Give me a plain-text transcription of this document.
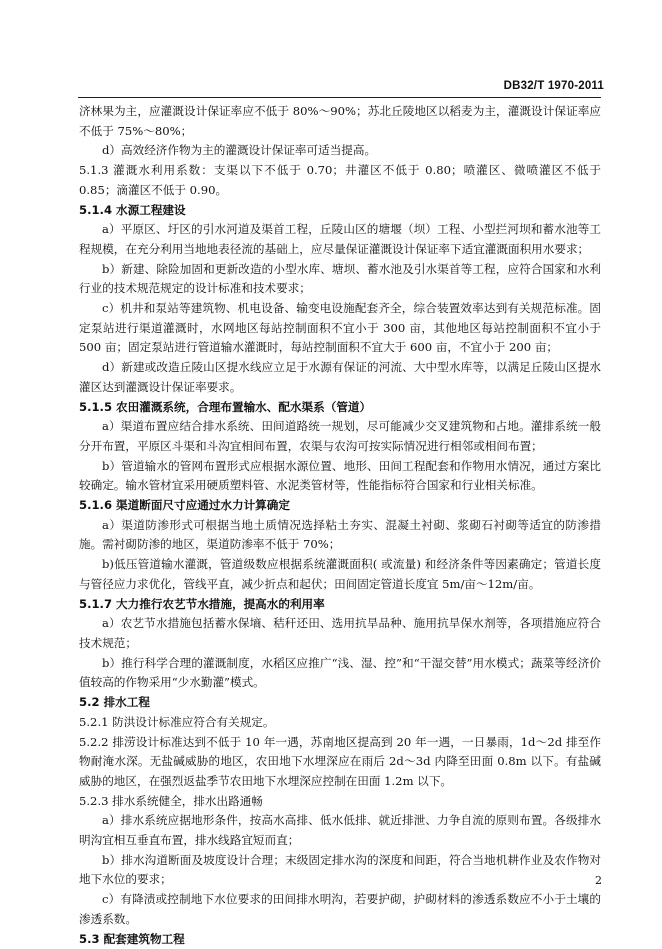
DB32/T 1970-2011

济林果为主，应灌溉设计保证率应不低于 80%～90%；苏北丘陵地区以稻麦为主，灌溉设计保证率应不低于 75%～80%；

d）高效经济作物为主的灌溉设计保证率可适当提高。

5.1.3 灌溉水利用系数：支渠以下不低于 0.70；井灌区不低于 0.80；喷灌区、微喷灌区不低于 0.85；滴灌区不低于 0.90。

5.1.4 水源工程建设

a）平原区、圩区的引水河道及渠首工程，丘陵山区的塘堰（坝）工程、小型拦河坝和蓄水池等工程规模，在充分利用当地地表径流的基础上，应尽量保证灌溉设计保证率下适宜灌溉面积用水要求；

b）新建、除险加固和更新改造的小型水库、塘坝、蓄水池及引水渠首等工程，应符合国家和水利行业的技术规范规定的设计标准和技术要求；

c）机井和泵站等建筑物、机电设备、输变电设施配套齐全，综合装置效率达到有关规范标准。固定泵站进行渠道灌溉时，水网地区每站控制面积不宜小于 300 亩，其他地区每站控制面积不宜小于 500 亩；固定泵站进行管道输水灌溉时，每站控制面积不宜大于 600 亩，不宜小于 200 亩；

d）新建或改造丘陵山区提水线应立足于水源有保证的河流、大中型水库等，以满足丘陵山区提水灌区达到灌溉设计保证率要求。

5.1.5 农田灌溉系统，合理布置输水、配水渠系（管道）

a）渠道布置应结合排水系统、田间道路统一规划，尽可能减少交叉建筑物和占地。灌排系统一般分开布置，平原区斗渠和斗沟宜相间布置，农渠与农沟可按实际情况进行相邻或相间布置；

b）管道输水的管网布置形式应根据水源位置、地形、田间工程配套和作物用水情况，通过方案比较确定。输水管材宜采用硬质塑料管、水泥类管材等，性能指标符合国家和行业相关标准。

5.1.6 渠道断面尺寸应通过水力计算确定

a）渠道防渗形式可根据当地土质情况选择粘土夯实、混凝土衬砌、浆砌石衬砌等适宜的防渗措施。需衬砌防渗的地区，渠道防渗率不低于 70%；

b)低压管道输水灌溉，管道级数应根据系统灌溉面积( 或流量) 和经济条件等因素确定；管道长度与管径应力求优化，管线平直，减少折点和起伏；田间固定管道长度宜 5m/亩～12m/亩。

5.1.7 大力推行农艺节水措施，提高水的利用率

a）农艺节水措施包括蓄水保墒、秸秆还田、选用抗旱品种、施用抗旱保水剂等，各项措施应符合技术规范；

b）推行科学合理的灌溉制度，水稻区应推广“浅、湿、控”和“干湿交替”用水模式；蔬菜等经济价值较高的作物采用“少水勤灌”模式。

5.2 排水工程

5.2.1 防洪设计标准应符合有关规定。

5.2.2 排涝设计标准达到不低于 10 年一遇，苏南地区提高到 20 年一遇，一日暴雨，1d～2d 排至作物耐淹水深。无盐碱威胁的地区，农田地下水埋深应在雨后 2d～3d 内降至田面 0.8m 以下。有盐碱威胁的地区，在强烈返盐季节农田地下水埋深应控制在田面 1.2m 以下。

5.2.3 排水系统健全，排水出路通畅

a）排水系统应据地形条件，按高水高排、低水低排、就近排泄、力争自流的原则布置。各级排水明沟宜相互垂直布置，排水线路宜短而直；

b）排水沟道断面及坡度设计合理；末级固定排水沟的深度和间距，符合当地机耕作业及农作物对地下水位的要求；

c）有降渍或控制地下水位要求的田间排水明沟，若要护砌，护砌材料的渗透系数应不小于土壤的渗透系数。

5.3 配套建筑物工程

2
